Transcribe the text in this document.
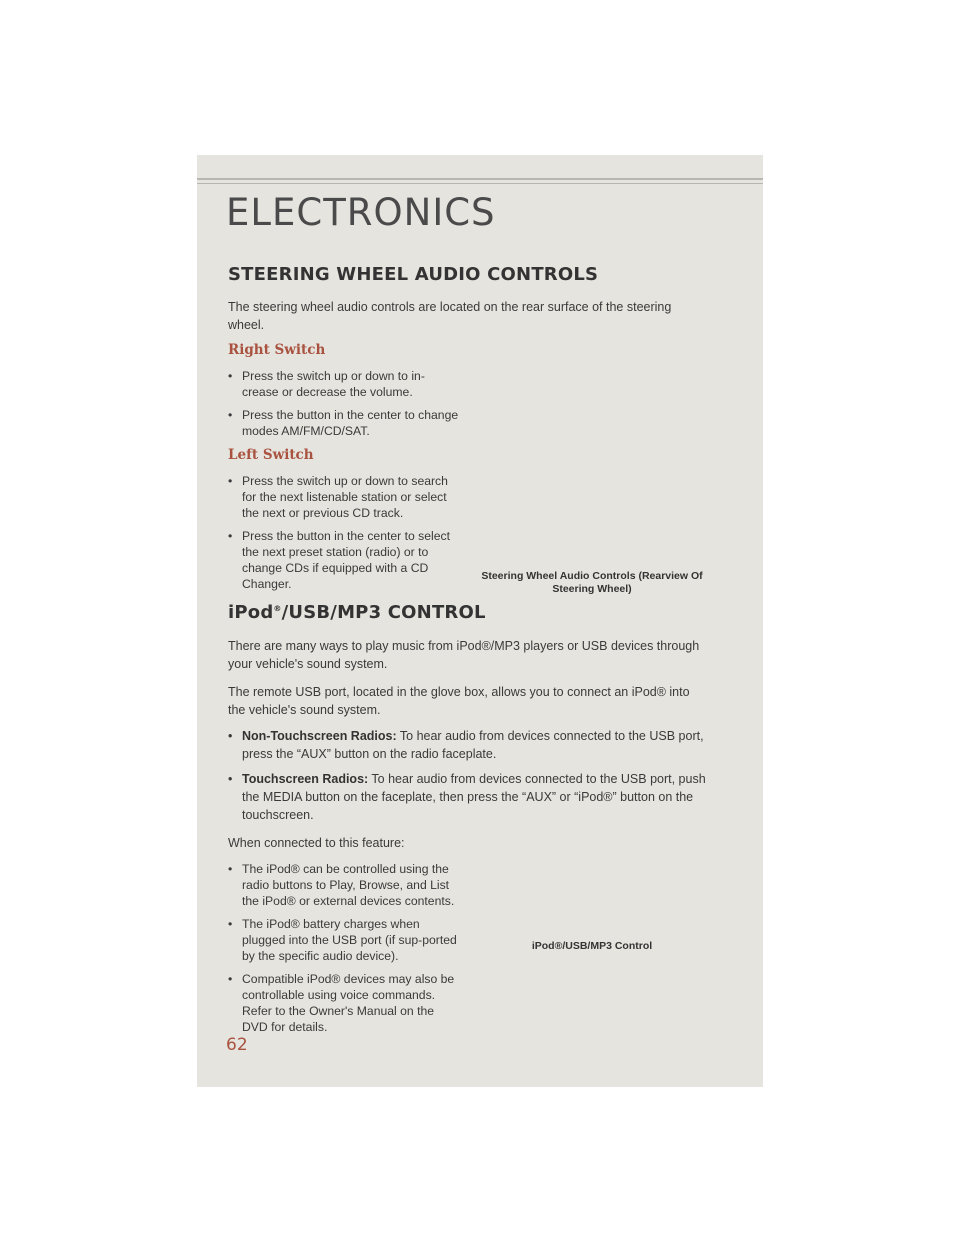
ELECTRONICS
STEERING WHEEL AUDIO CONTROLS

The steering wheel audio controls are located on the rear surface of the steering wheel.

Right Switch
• Press the switch up or down to in-crease or decrease the volume.
• Press the button in the center to change modes AM/FM/CD/SAT.
Left Switch
• Press the switch up or down to search for the next listenable station or select the next or previous CD track.
• Press the button in the center to select the next preset station (radio) or to change CDs if equipped with a CD Changer.
iPod®/USB/MP3 CONTROL

There are many ways to play music from iPod®/MP3 players or USB devices through your vehicle's sound system.

The remote USB port, located in the glove box, allows you to connect an iPod® into the vehicle's sound system.

• Non-Touchscreen Radios: To hear audio from devices connected to the USB port, press the “AUX” button on the radio faceplate.
• Touchscreen Radios: To hear audio from devices connected to the USB port, push the MEDIA button on the faceplate, then press the “AUX” or “iPod®” button on the touchscreen.

When connected to this feature:

• The iPod® can be controlled using the radio buttons to Play, Browse, and List the iPod® or external devices contents.
• The iPod® battery charges when plugged into the USB port (if sup-ported by the specific audio device).
• Compatible iPod® devices may also be controllable using voice commands. Refer to the Owner's Manual on the DVD for details.
Steering Wheel Audio Controls (Rearview Of Steering Wheel)
iPod®/USB/MP3 Control
62
